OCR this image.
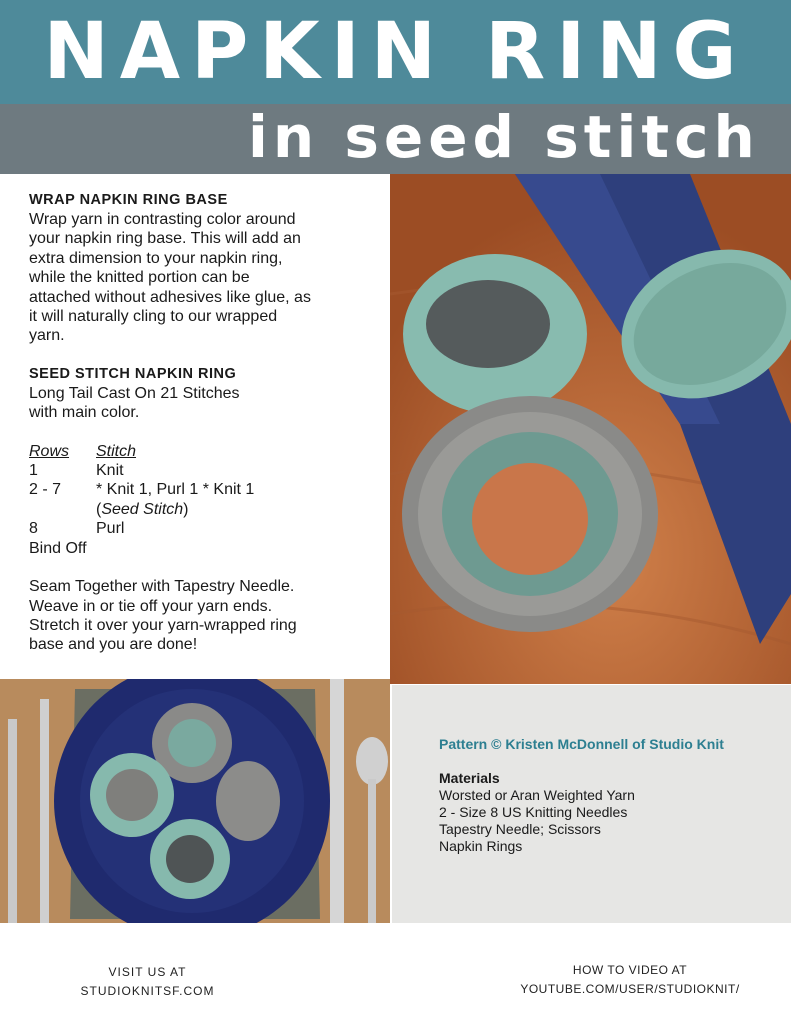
NAPKIN RING
in seed stitch
WRAP NAPKIN RING BASE

Wrap yarn in contrasting color around

your napkin ring base. This will add an

extra dimension to your napkin ring,

while the knitted portion can be

attached without adhesives like glue, as

it will naturally cling to our wrapped

yarn.

SEED STITCH NAPKIN RING

Long Tail Cast On 21 Stitches

with main color.

Rows	Stitch
1	Knit
2 - 7	* Knit 1, Purl 1 * Knit 1
	(Seed Stitch)
8	Purl

Bind Off

Seam Together with Tapestry Needle.

Weave in or tie off your yarn ends.

Stretch it over your yarn-wrapped ring

base and you are done!

Pattern © Kristen McDonnell of Studio Knit
Materials
Worsted or Aran Weighted Yarn
2 - Size 8 US Knitting Needles
Tapestry Needle; Scissors
Napkin Rings
VISIT US AT
STUDIOKNITSF.COM
HOW TO VIDEO AT
YOUTUBE.COM/USER/STUDIOKNIT/
